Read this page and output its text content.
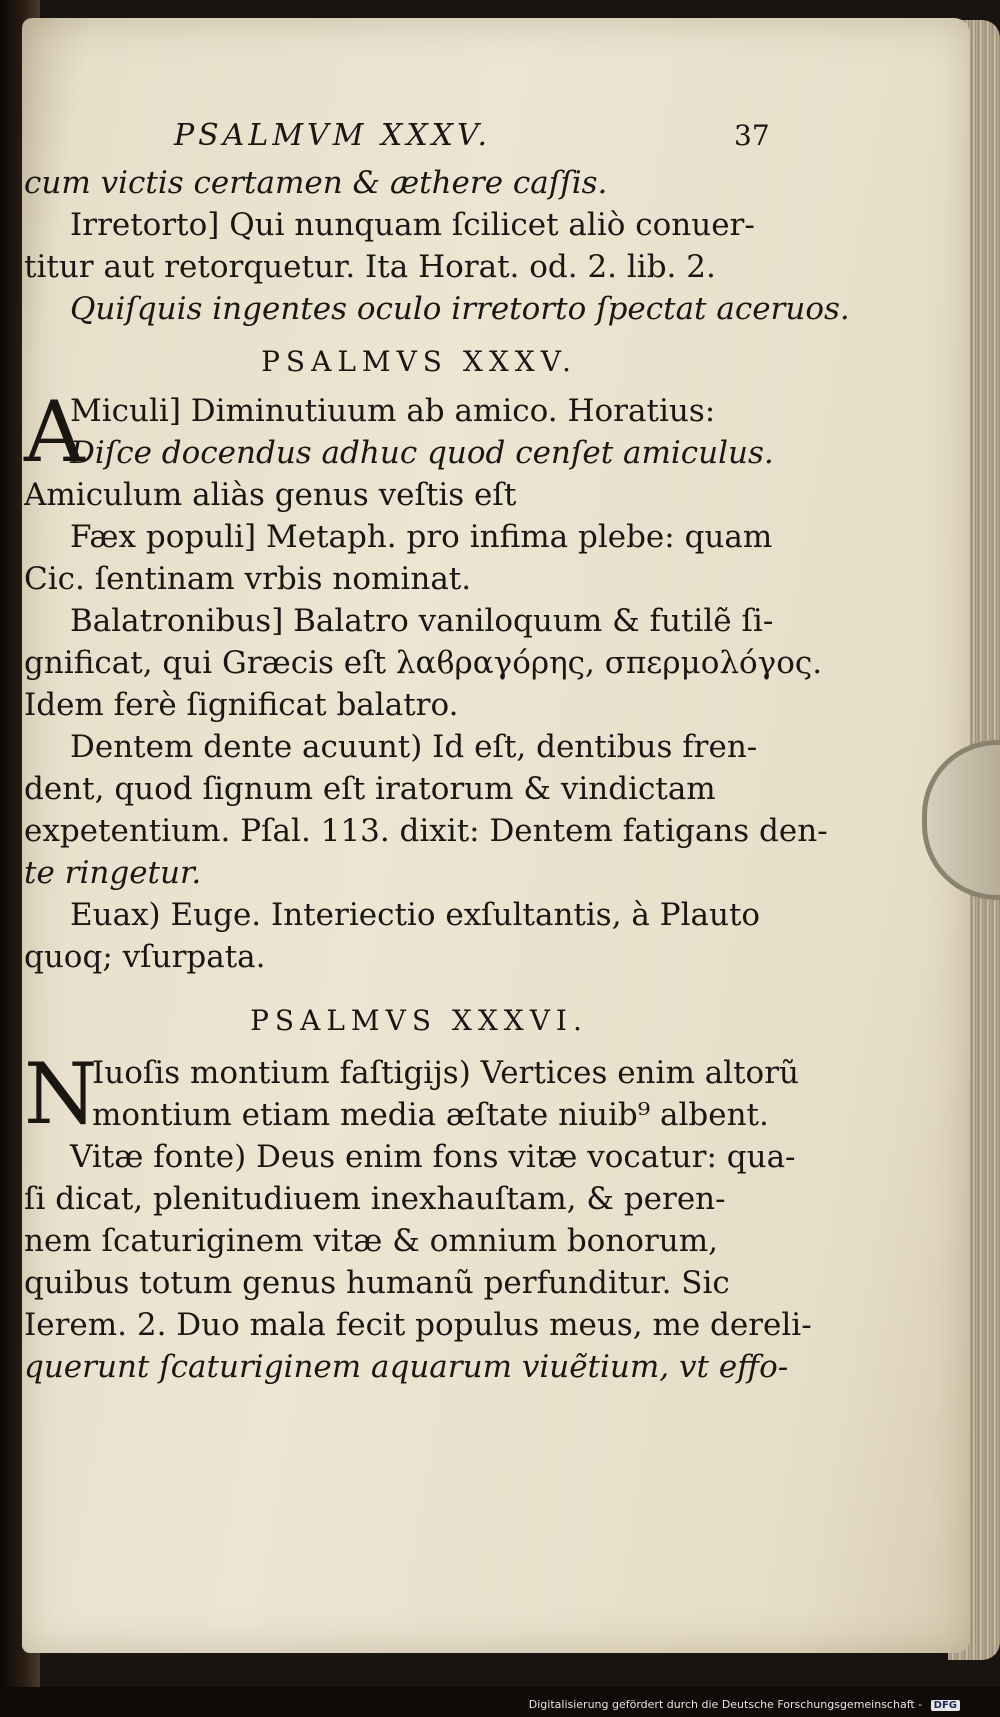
PSALMVM XXXV.	37
cum victis certamen & æthere caſſis.
Irretorto] Qui nunquam ſcilicet aliò conuer-
titur aut retorquetur. Ita Horat. od. 2. lib. 2.
Quiſquis ingentes oculo irretorto ſpectat aceruos.
PSALMVS XXXV.
A
Miculi] Diminutiuum ab amico. Horatius:
Diſce docendus adhuc quod cenſet amiculus.
Amiculum aliàs genus veſtis eſt
Fæx populi] Metaph. pro infima plebe: quam
Cic. ſentinam vrbis nominat.
Balatronibus] Balatro vaniloquum & futilẽ ſi-
gnificat, qui Græcis eſt λαϐραγόρης, σπερμολόγος.
Idem ferè ſignificat balatro.
Dentem dente acuunt) Id eſt, dentibus fren-
dent, quod ſignum eſt iratorum & vindictam
expetentium. Pſal. 113. dixit: Dentem fatigans den-
te ringetur.
Euax) Euge. Interiectio exſultantis, à Plauto
quoq; vſurpata.
PSALMVS XXXVI.
N
Iuoſis montium faſtigijs) Vertices enim altorũ
montium etiam media æſtate niuib⁹ albent.
Vitæ fonte) Deus enim fons vitæ vocatur: qua-
ſi dicat, plenitudiuem inexhauſtam, & peren-
nem ſcaturiginem vitæ & omnium bonorum,
quibus totum genus humanũ perfunditur. Sic
Ierem. 2. Duo mala fecit populus meus, me dereli-
querunt ſcaturiginem aquarum viuẽtium, vt effo-
Digitalisierung gefördert durch die Deutsche Forschungsgemeinschaft - DFG
